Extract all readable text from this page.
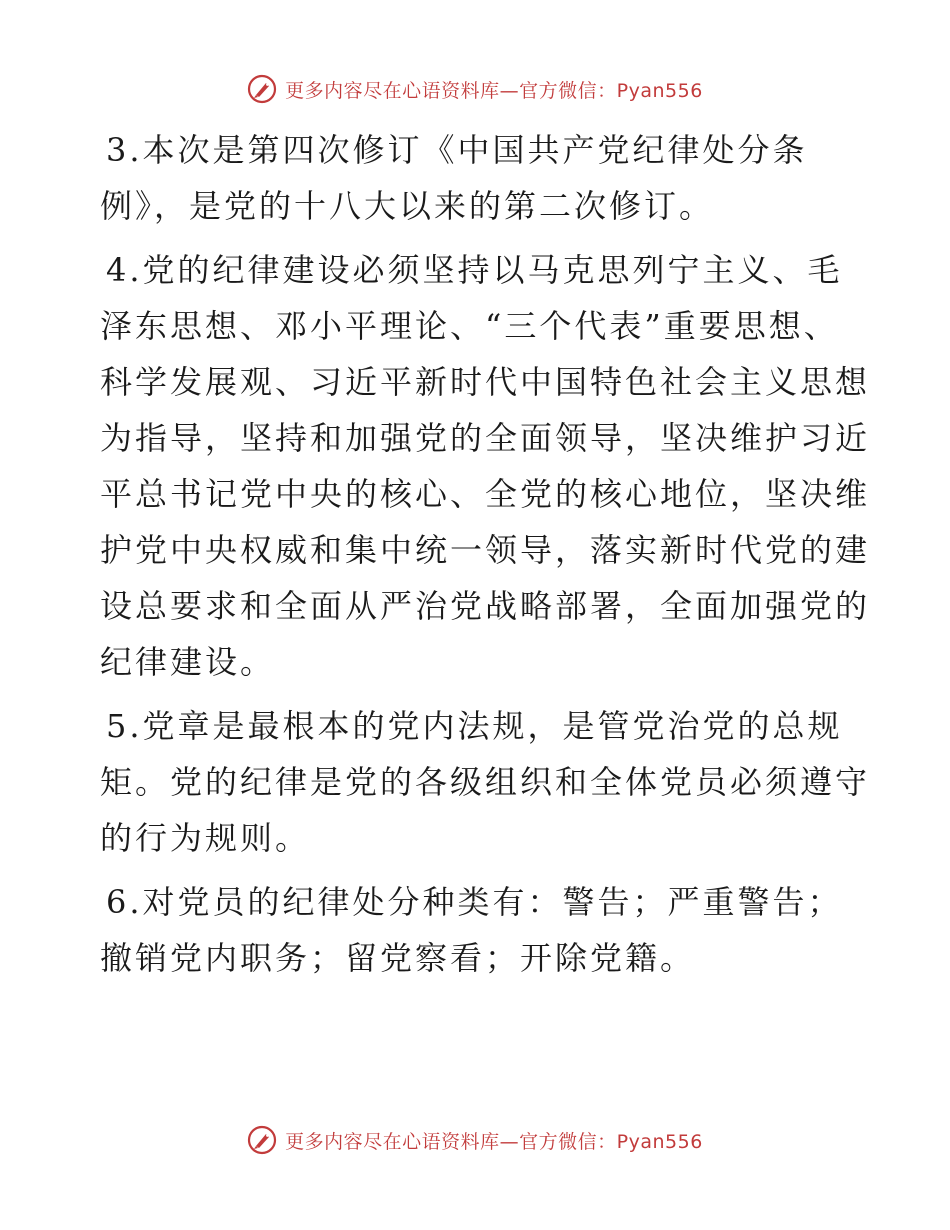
更多内容尽在心语资料库—官方微信：Pyan556

3.本次是第四次修订《中国共产党纪律处分条例》，是党的十八大以来的第二次修订。

4.党的纪律建设必须坚持以马克思列宁主义、毛泽东思想、邓小平理论、“三个代表”重要思想、科学发展观、习近平新时代中国特色社会主义思想为指导，坚持和加强党的全面领导，坚决维护习近平总书记党中央的核心、全党的核心地位，坚决维护党中央权威和集中统一领导，落实新时代党的建设总要求和全面从严治党战略部署，全面加强党的纪律建设。

5.党章是最根本的党内法规，是管党治党的总规矩。党的纪律是党的各级组织和全体党员必须遵守的行为规则。

6.对党员的纪律处分种类有：警告；严重警告；撤销党内职务；留党察看；开除党籍。

更多内容尽在心语资料库—官方微信：Pyan556
